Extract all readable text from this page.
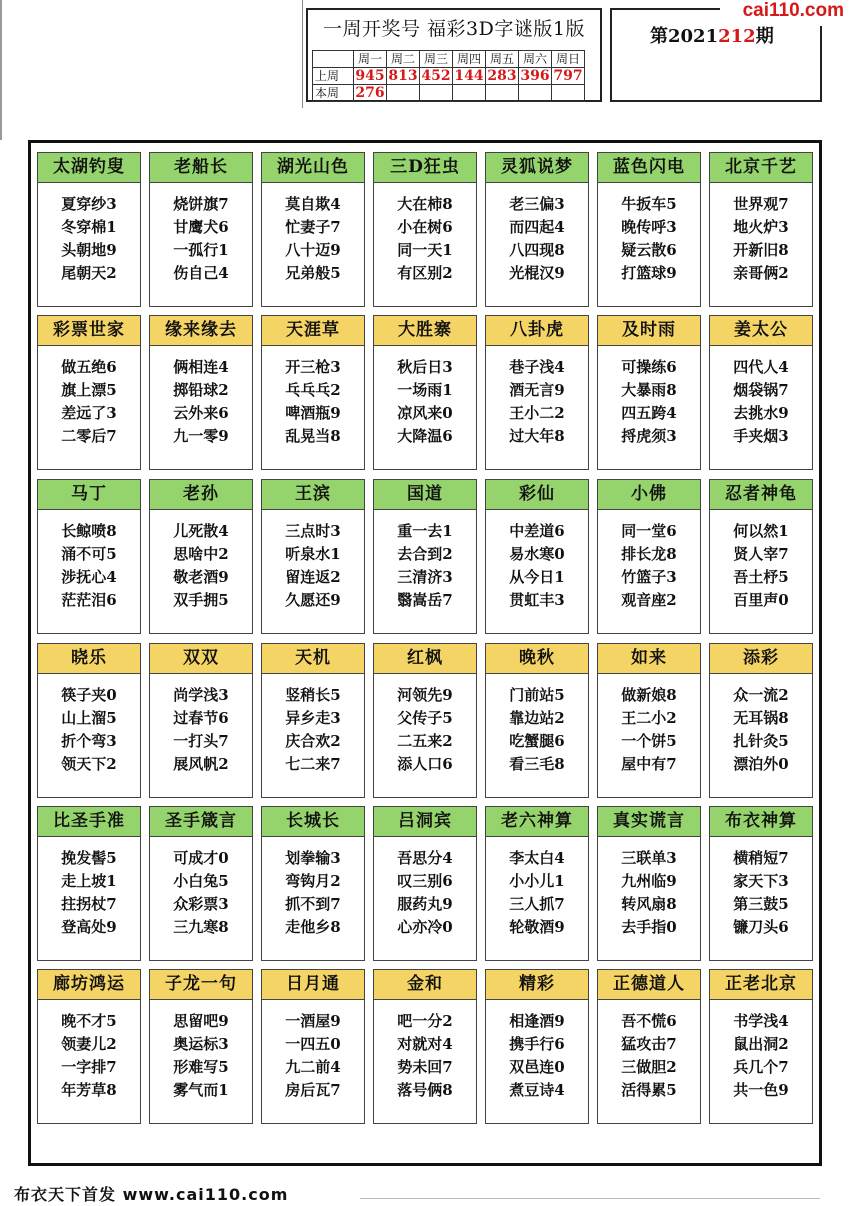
一周开奖号 福彩3D字谜版1版
	周一	周二	周三	周四	周五	周六	周日
上周	945	813	452	144	283	396	797
本周	276						
第2021212期
cai110.com
太湖钓叟
夏穿纱3
冬穿棉1
头朝地9
尾朝天2
老船长
烧饼旗7
甘鹰犬6
一孤行1
伤自己4
湖光山色
莫自欺4
忙妻子7
八十迈9
兄弟般5
三D狂虫
大在柿8
小在树6
同一天1
有区别2
灵狐说梦
老三偏3
而四起4
八四现8
光棍汉9
蓝色闪电
牛扳车5
晚传呼3
疑云散6
打篮球9
北京千艺
世界观7
地火炉3
开新旧8
亲哥俩2
彩票世家
做五绝6
旗上漂5
差远了3
二零后7
缘来缘去
俩相连4
掷铅球2
云外来6
九一零9
天涯草
开三枪3
乓乓乓2
啤酒瓶9
乱晃当8
大胜寨
秋后日3
一场雨1
凉风来0
大降温6
八卦虎
巷子浅4
酒无言9
王小二2
过大年8
及时雨
可操练6
大暴雨8
四五跨4
捋虎须3
姜太公
四代人4
烟袋锅7
去挑水9
手夹烟3
马丁
长鲸喷8
涌不可5
涉抚心4
茫茫泪6
老孙
儿死散4
思啥中2
敬老酒9
双手拥5
王滨
三点时3
听泉水1
留连返2
久愿还9
国道
重一去1
去合到2
三清济3
翳嵩岳7
彩仙
中差道6
易水寒0
从今日1
贯虹丰3
小佛
同一堂6
排长龙8
竹篮子3
观音座2
忍者神龟
何以然1
贤人宰7
吾土杼5
百里声0
晓乐
筷子夹0
山上溜5
折个弯3
领天下2
双双
尚学浅3
过春节6
一打头7
展风帆2
天机
竖稍长5
异乡走3
庆合欢2
七二来7
红枫
河领先9
父传子5
二五来2
添人口6
晚秋
门前站5
靠边站2
吃蟹腿6
看三毛8
如来
做新娘8
王二小2
一个饼5
屋中有7
添彩
众一流2
无耳锅8
扎针灸5
漂泊外0
比圣手准
挽发髻5
走上坡1
拄拐杖7
登高处9
圣手箴言
可成才0
小白兔5
众彩票3
三九寒8
长城长
划拳输3
弯钩月2
抓不到7
走他乡8
吕洞宾
吾思分4
叹三别6
服药丸9
心亦冷0
老六神算
李太白4
小小儿1
三人抓7
轮敬酒9
真实谎言
三联单3
九州临9
转风扇8
去手指0
布衣神算
横稍短7
家天下3
第三鼓5
镰刀头6
廊坊鸿运
晚不才5
领妻儿2
一字排7
年芳草8
子龙一句
思留吧9
奥运标3
形难写5
雾气而1
日月通
一酒屋9
一四五0
九二前4
房后瓦7
金和
吧一分2
对就对4
势未回7
落号俩8
精彩
相逢酒9
携手行6
双邑连0
煮豆诗4
正德道人
吾不慌6
猛攻击7
三做胆2
活得累5
正老北京
书学浅4
鼠出洞2
兵几个7
共一色9
布衣天下首发 www.cai110.com
